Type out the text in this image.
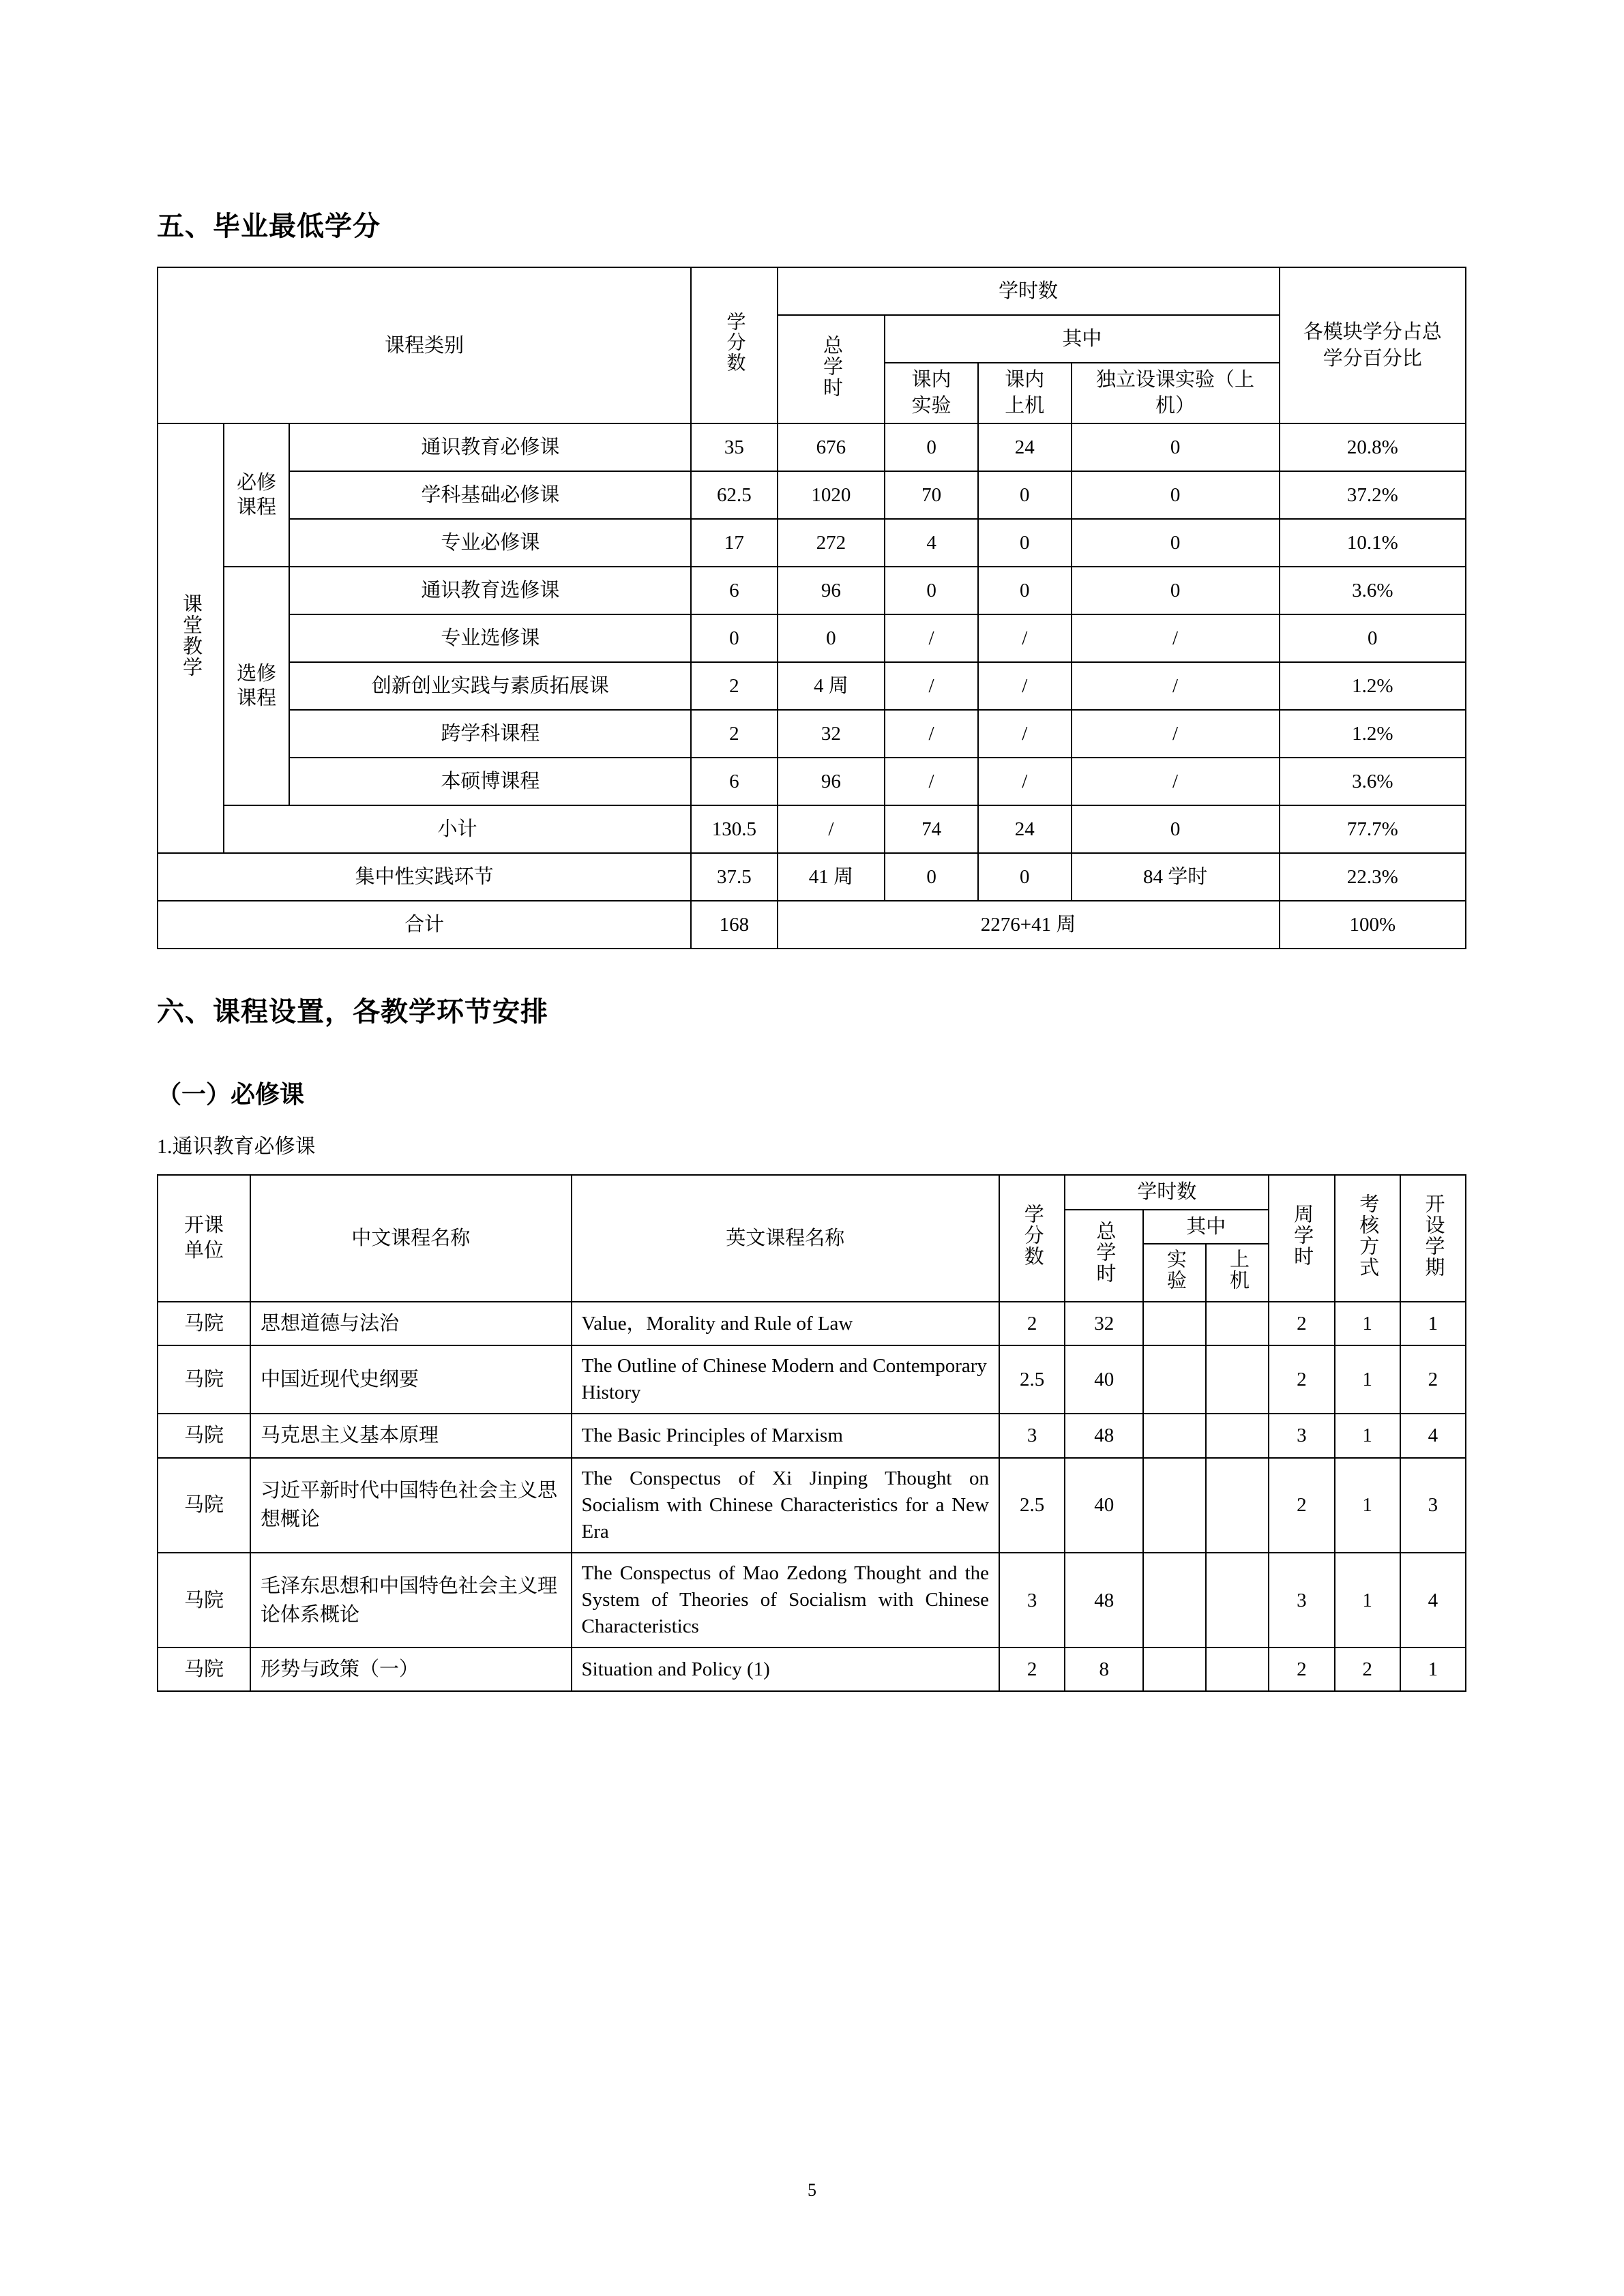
五、毕业最低学分
课程类别			学分数	学时数				各模块学分占总学分百分比
				总学时	其中			
					课内实验	课内上机	独立设课实验（上机）	
课堂教学	必修课程	通识教育必修课	35	676	0	24	0	20.8%
		学科基础必修课	62.5	1020	70	0	0	37.2%
		专业必修课	17	272	4	0	0	10.1%
	选修课程	通识教育选修课	6	96	0	0	0	3.6%
		专业选修课	0	0	/	/	/	0
		创新创业实践与素质拓展课	2	4 周	/	/	/	1.2%
		跨学科课程	2	32	/	/	/	1.2%
		本硕博课程	6	96	/	/	/	3.6%
	小计		130.5	/	74	24	0	77.7%
集中性实践环节			37.5	41 周	0	0	84 学时	22.3%
合计			168	2276+41 周				100%
六、课程设置，各教学环节安排
（一）必修课
1.通识教育必修课
开课单位	中文课程名称	英文课程名称	学分数	学时数			周学时	考核方式	开设学期
				总学时	其中				
					实验	上机			
马院	思想道德与法治	Value，Morality and Rule of Law	2	32			2	1	1
马院	中国近现代史纲要	The Outline of Chinese Modern and Contemporary History	2.5	40			2	1	2
马院	马克思主义基本原理	The Basic Principles of Marxism	3	48			3	1	4
马院	习近平新时代中国特色社会主义思想概论	The Conspectus of Xi Jinping Thought on Socialism with Chinese Characteristics for a New Era	2.5	40			2	1	3
马院	毛泽东思想和中国特色社会主义理论体系概论	The Conspectus of Mao Zedong Thought and the System of Theories of Socialism with Chinese Characteristics	3	48			3	1	4
马院	形势与政策（一）	Situation and Policy (1)	2	8			2	2	1
5
